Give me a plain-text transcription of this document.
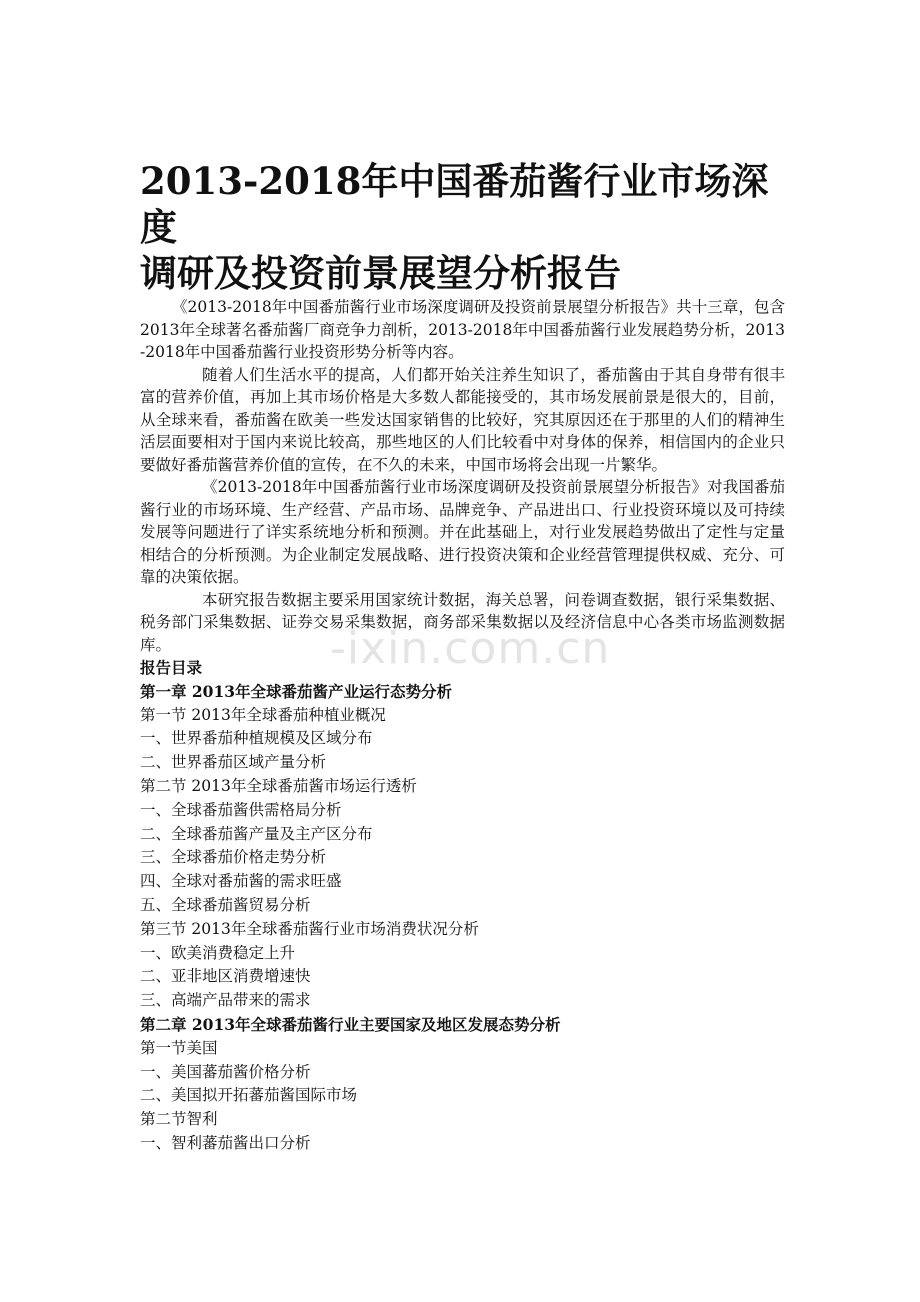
-ixin.com.cn
2013-2018年中国番茄酱行业市场深度
调研及投资前景展望分析报告

《2013-2018年中国番茄酱行业市场深度调研及投资前景展望分析报告》共十三章，包含2013年全球著名番茄酱厂商竞争力剖析，2013-2018年中国番茄酱行业发展趋势分析，2013-2018年中国番茄酱行业投资形势分析等内容。

随着人们生活水平的提高，人们都开始关注养生知识了，番茄酱由于其自身带有很丰富的营养价值，再加上其市场价格是大多数人都能接受的，其市场发展前景是很大的，目前，从全球来看，番茄酱在欧美一些发达国家销售的比较好，究其原因还在于那里的人们的精神生活层面要相对于国内来说比较高，那些地区的人们比较看中对身体的保养，相信国内的企业只要做好番茄酱营养价值的宣传，在不久的未来，中国市场将会出现一片繁华。

《2013-2018年中国番茄酱行业市场深度调研及投资前景展望分析报告》对我国番茄酱行业的市场环境、生产经营、产品市场、品牌竞争、产品进出口、行业投资环境以及可持续发展等问题进行了详实系统地分析和预测。并在此基础上，对行业发展趋势做出了定性与定量相结合的分析预测。为企业制定发展战略、进行投资决策和企业经营管理提供权威、充分、可靠的决策依据。

本研究报告数据主要采用国家统计数据，海关总署，问卷调查数据，银行采集数据、税务部门采集数据、证券交易采集数据，商务部采集数据以及经济信息中心各类市场监测数据库。

报告目录

第一章 2013年全球番茄酱产业运行态势分析

第一节 2013年全球番茄种植业概况

一、世界番茄种植规模及区域分布

二、世界番茄区域产量分析

第二节 2013年全球番茄酱市场运行透析

一、全球番茄酱供需格局分析

二、全球番茄酱产量及主产区分布

三、全球番茄价格走势分析

四、全球对番茄酱的需求旺盛

五、全球番茄酱贸易分析

第三节 2013年全球番茄酱行业市场消费状况分析

一、欧美消费稳定上升

二、亚非地区消费增速快

三、高端产品带来的需求

第二章 2013年全球番茄酱行业主要国家及地区发展态势分析

第一节美国

一、美国蕃茄酱价格分析

二、美国拟开拓蕃茄酱国际市场

第二节智利

一、智利蕃茄酱出口分析
